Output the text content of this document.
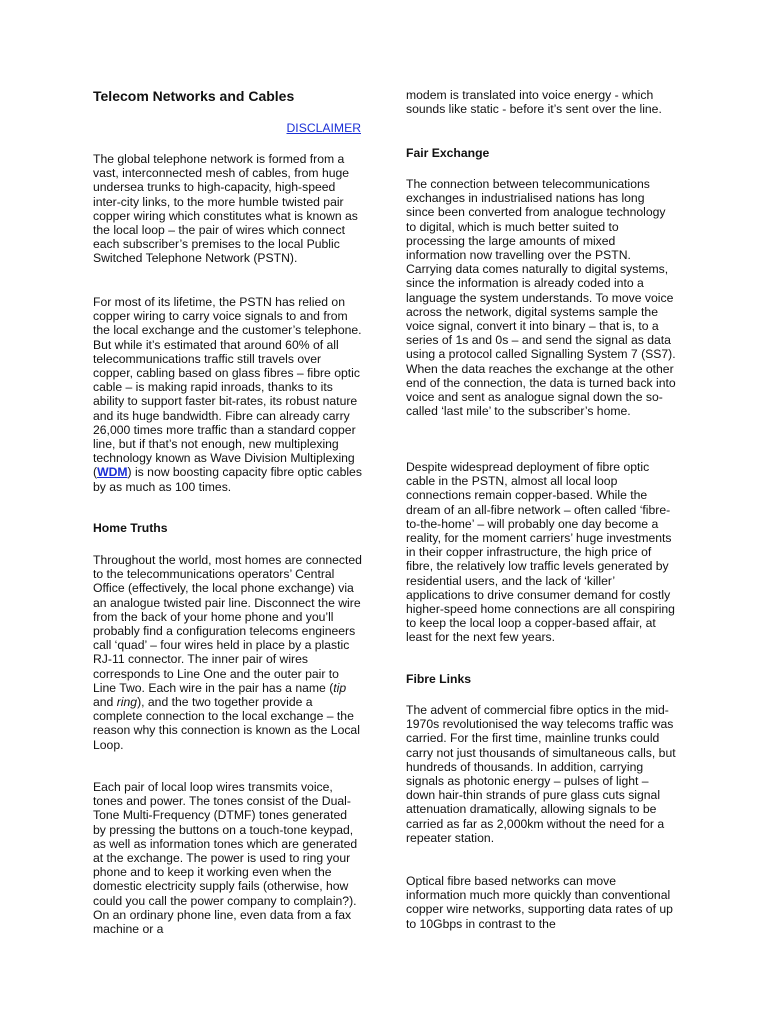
Telecom Networks and Cables
DISCLAIMER

The global telephone network is formed from a vast, interconnected mesh of cables, from huge undersea trunks to high-capacity, high-speed inter-city links, to the more humble twisted pair copper wiring which constitutes what is known as the local loop – the pair of wires which connect each subscriber’s premises to the local Public Switched Telephone Network (PSTN).

For most of its lifetime, the PSTN has relied on copper wiring to carry voice signals to and from the local exchange and the customer’s telephone. But while it’s estimated that around 60% of all telecommunications traffic still travels over copper, cabling based on glass fibres – fibre optic cable – is making rapid inroads, thanks to its ability to support faster bit-rates, its robust nature and its huge bandwidth. Fibre can already carry 26,000 times more traffic than a standard copper line, but if that’s not enough, new multiplexing technology known as Wave Division Multiplexing (WDM) is now boosting capacity fibre optic cables by as much as 100 times.

Home Truths

Throughout the world, most homes are connected to the telecommunications operators’ Central Office (effectively, the local phone exchange) via an analogue twisted pair line. Disconnect the wire from the back of your home phone and you’ll probably find a configuration telecoms engineers call ‘quad’ – four wires held in place by a plastic RJ-11 connector. The inner pair of wires corresponds to Line One and the outer pair to Line Two. Each wire in the pair has a name (tip and ring), and the two together provide a complete connection to the local exchange – the reason why this connection is known as the Local Loop.

Each pair of local loop wires transmits voice, tones and power. The tones consist of the Dual-Tone Multi-Frequency (DTMF) tones generated by pressing the buttons on a touch-tone keypad, as well as information tones which are generated at the exchange. The power is used to ring your phone and to keep it working even when the domestic electricity supply fails (otherwise, how could you call the power company to complain?). On an ordinary phone line, even data from a fax machine or a

modem is translated into voice energy - which sounds like static - before it’s sent over the line.

Fair Exchange

The connection between telecommunications exchanges in industrialised nations has long since been converted from analogue technology to digital, which is much better suited to processing the large amounts of mixed information now travelling over the PSTN. Carrying data comes naturally to digital systems, since the information is already coded into a language the system understands. To move voice across the network, digital systems sample the voice signal, convert it into binary – that is, to a series of 1s and 0s – and send the signal as data using a protocol called Signalling System 7 (SS7). When the data reaches the exchange at the other end of the connection, the data is turned back into voice and sent as analogue signal down the so-called ‘last mile’ to the subscriber’s home.

Despite widespread deployment of fibre optic cable in the PSTN, almost all local loop connections remain copper-based. While the dream of an all-fibre network – often called ‘fibre-to-the-home’ – will probably one day become a reality, for the moment carriers’ huge investments in their copper infrastructure, the high price of fibre, the relatively low traffic levels generated by residential users, and the lack of ‘killer’ applications to drive consumer demand for costly higher-speed home connections are all conspiring to keep the local loop a copper-based affair, at least for the next few years.

Fibre Links

The advent of commercial fibre optics in the mid-1970s revolutionised the way telecoms traffic was carried. For the first time, mainline trunks could carry not just thousands of simultaneous calls, but hundreds of thousands. In addition, carrying signals as photonic energy – pulses of light – down hair-thin strands of pure glass cuts signal attenuation dramatically, allowing signals to be carried as far as 2,000km without the need for a repeater station.

Optical fibre based networks can move information much more quickly than conventional copper wire networks, supporting data rates of up to 10Gbps in contrast to the
